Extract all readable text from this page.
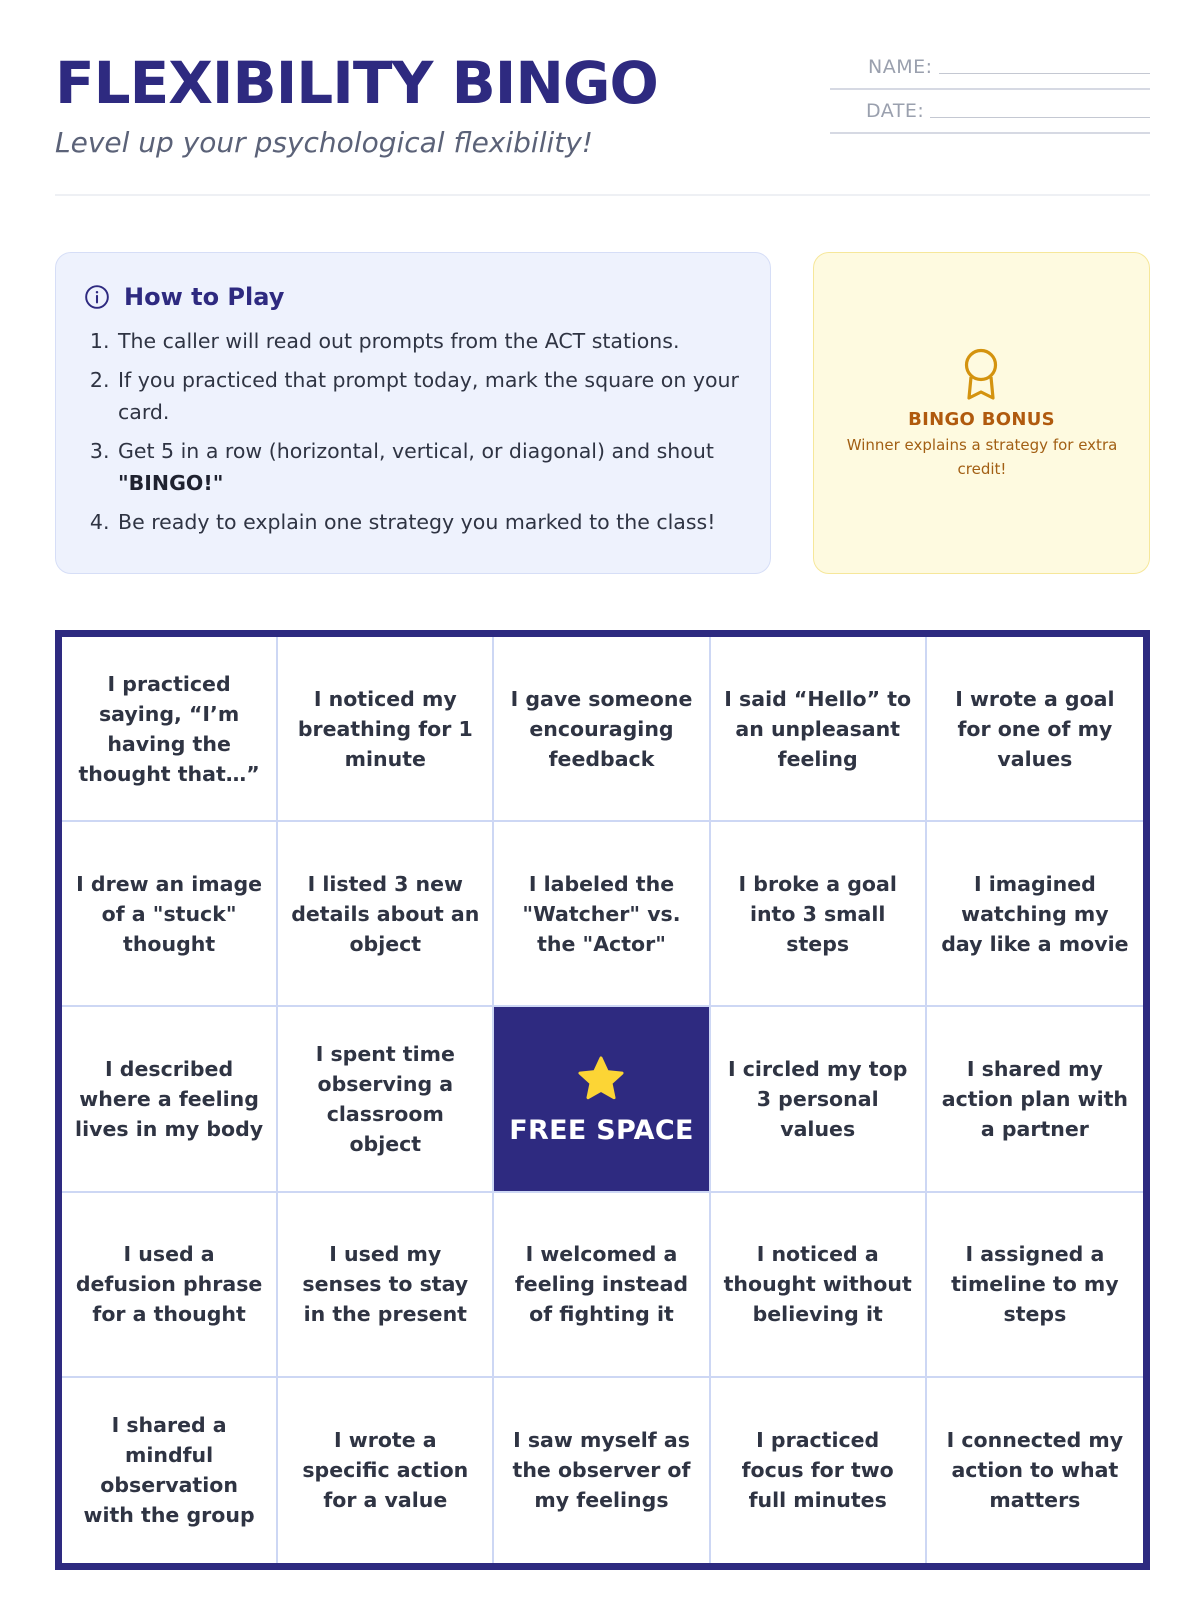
FLEXIBILITY BINGO

Level up your psychological flexibility!

NAME:
DATE:
How to Play
1. The caller will read out prompts from the ACT stations.
2. If you practiced that prompt today, mark the square on your card.
3. Get 5 in a row (horizontal, vertical, or diagonal) and shout "BINGO!"
4. Be ready to explain one strategy you marked to the class!
BINGO BONUS
Winner explains a strategy for extra credit!
I practiced saying, “I’m having the thought that…”
I noticed my breathing for 1 minute
I gave someone encouraging feedback
I said “Hello” to an unpleasant feeling
I wrote a goal for one of my values
I drew an image of a "stuck" thought
I listed 3 new details about an object
I labeled the "Watcher" vs. the "Actor"
I broke a goal into 3 small steps
I imagined watching my day like a movie
I described where a feeling lives in my body
I spent time observing a classroom object	FREE SPACE
I circled my top 3 personal values
I shared my action plan with a partner
I used a defusion phrase for a thought
I used my senses to stay in the present
I welcomed a feeling instead of fighting it
I noticed a thought without believing it
I assigned a timeline to my steps
I shared a mindful observation with the group
I wrote a specific action for a value
I saw myself as the observer of my feelings
I practiced focus for two full minutes
I connected my action to what matters
